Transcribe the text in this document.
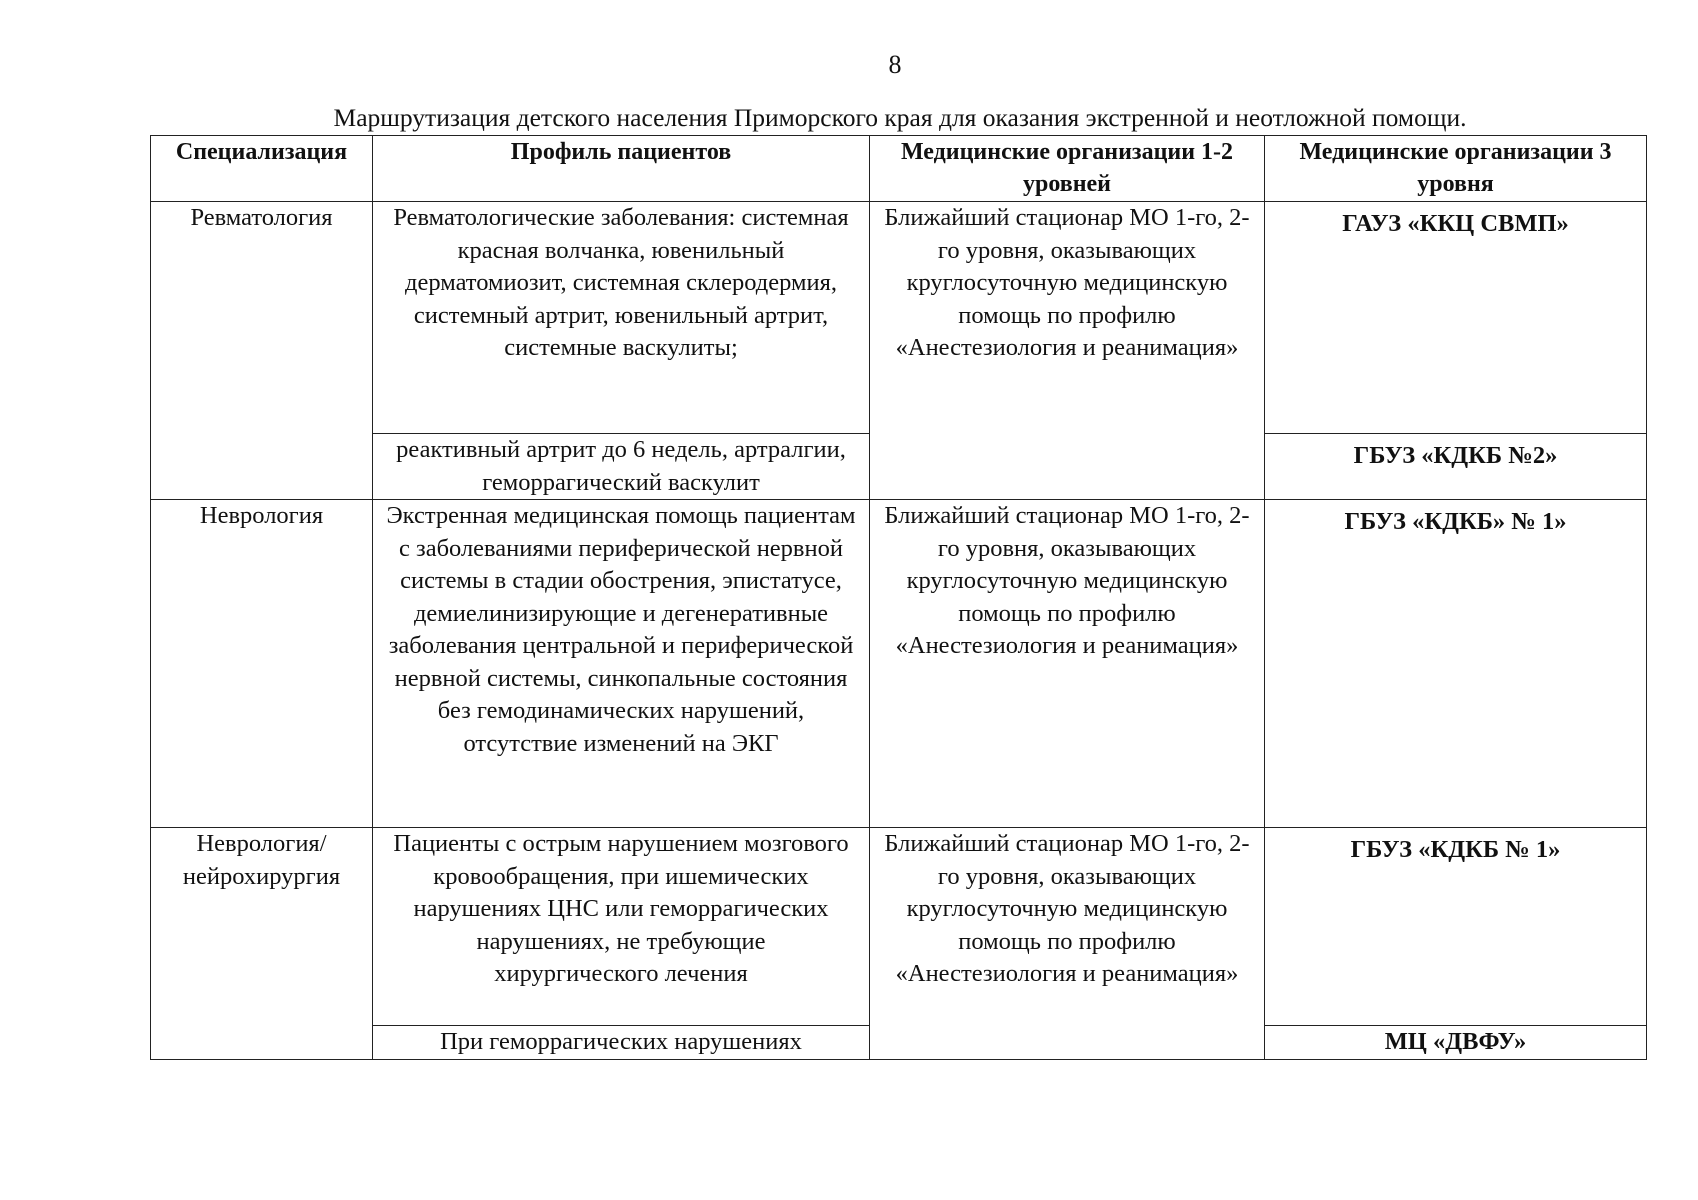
8
Маршрутизация детского населения Приморского края для оказания экстренной и неотложной помощи.
Специализация	Профиль пациентов	Медицинские организации 1-2 уровней	Медицинские организации 3 уровня
Ревматология	Ревматологические заболевания: системная красная волчанка, ювенильный дерматомиозит, системная склеродермия, системный артрит, ювенильный артрит, системные васкулиты;	Ближайший стационар МО 1-го, 2-го уровня, оказывающих круглосуточную медицинскую помощь по профилю «Анестезиология и реанимация»	ГАУЗ «ККЦ СВМП»
	реактивный артрит до 6 недель, артралгии, геморрагический васкулит		ГБУЗ «КДКБ №2»
Неврология	Экстренная медицинская помощь пациентам с заболеваниями периферической нервной системы в стадии обострения, эпистатусе, демиелинизирующие и дегенеративные заболевания центральной и периферической нервной системы, синкопальные состояния без гемодинамических нарушений, отсутствие изменений на ЭКГ	Ближайший стационар МО 1-го, 2-го уровня, оказывающих круглосуточную медицинскую помощь по профилю «Анестезиология и реанимация»	ГБУЗ «КДКБ» № 1»
Неврология/ нейрохирургия	Пациенты с острым нарушением мозгового кровообращения, при ишемических нарушениях ЦНС или геморрагических нарушениях, не требующие хирургического лечения	Ближайший стационар МО 1-го, 2-го уровня, оказывающих круглосуточную медицинскую помощь по профилю «Анестезиология и реанимация»	ГБУЗ «КДКБ № 1»
	При геморрагических нарушениях		МЦ «ДВФУ»
